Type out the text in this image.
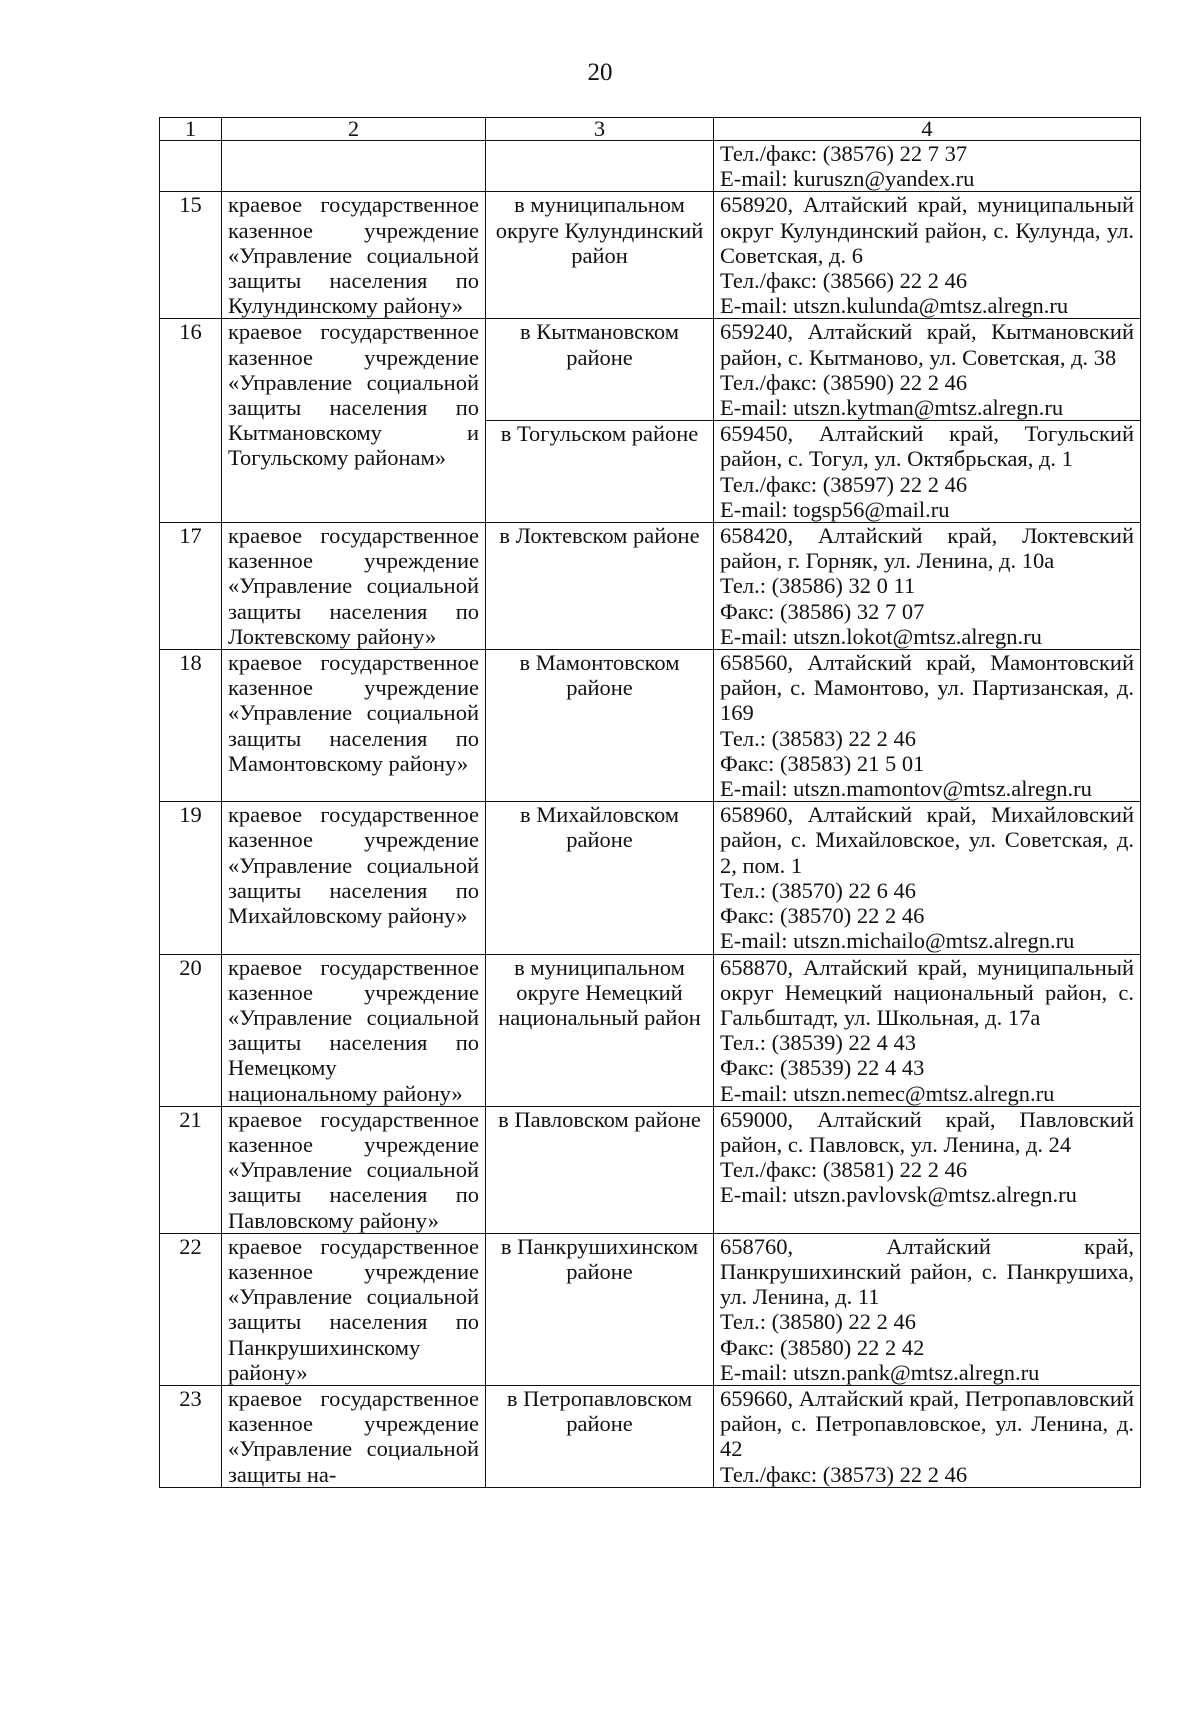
20
1	2	3	4

			Тел./факс: (38576) 22 7 37
E-mail: kuruszn@yandex.ru

15	краевое государственное казенное учреждение «Управление социальной защиты населения по Кулундинскому району»	в муниципальном округе Кулундинский район	658920, Алтайский край, муниципальный округ Кулундинский район, с. Кулунда, ул. Советская, д. 6
Тел./факс: (38566) 22 2 46
E-mail: utszn.kulunda@mtsz.alregn.ru

16	краевое государственное казенное учреждение «Управление социальной защиты населения по Кытмановскому и Тогульскому районам»	в Кытмановском районе	659240, Алтайский край, Кытмановский район, с. Кытманово, ул. Советская, д. 38
Тел./факс: (38590) 22 2 46
E-mail: utszn.kytman@mtsz.alregn.ru

		в Тогульском районе	659450, Алтайский край, Тогульский район, с. Тогул, ул. Октябрьская, д. 1
Тел./факс: (38597) 22 2 46
E-mail: togsp56@mail.ru

17	краевое государственное казенное учреждение «Управление социальной защиты населения по Локтевскому району»	в Локтевском районе	658420, Алтайский край, Локтевский район, г. Горняк, ул. Ленина, д. 10а
Тел.: (38586) 32 0 11
Факс: (38586) 32 7 07
E-mail: utszn.lokot@mtsz.alregn.ru

18	краевое государственное казенное учреждение «Управление социальной защиты населения по Мамонтовскому району»	в Мамонтовском районе	658560, Алтайский край, Мамонтовский район, с. Мамонтово, ул. Партизанская, д. 169
Тел.: (38583) 22 2 46
Факс: (38583) 21 5 01
E-mail: utszn.mamontov@mtsz.alregn.ru

19	краевое государственное казенное учреждение «Управление социальной защиты населения по Михайловскому району»	в Михайловском районе	658960, Алтайский край, Михайловский район, с. Михайловское, ул. Советская, д. 2, пом. 1
Тел.: (38570) 22 6 46
Факс: (38570) 22 2 46
E-mail: utszn.michailo@mtsz.alregn.ru

20	краевое государственное казенное учреждение «Управление социальной защиты населения по Немецкому национальному району»	в муниципальном округе Немецкий национальный район	658870, Алтайский край, муниципальный округ Немецкий национальный район, с. Гальбштадт, ул. Школьная, д. 17а
Тел.: (38539) 22 4 43
Факс: (38539) 22 4 43
E-mail: utszn.nemec@mtsz.alregn.ru

21	краевое государственное казенное учреждение «Управление социальной защиты населения по Павловскому району»	в Павловском районе	659000, Алтайский край, Павловский район, с. Павловск, ул. Ленина, д. 24
Тел./факс: (38581) 22 2 46
E-mail: utszn.pavlovsk@mtsz.alregn.ru

22	краевое государственное казенное учреждение «Управление социальной защиты населения по Панкрушихинскому району»	в Панкрушихинском районе	658760, Алтайский край, Панкрушихинский район, с. Панкрушиха, ул. Ленина, д. 11
Тел.: (38580) 22 2 46
Факс: (38580) 22 2 42
E-mail: utszn.pank@mtsz.alregn.ru

23	краевое государственное казенное учреждение «Управление социальной защиты на-	в Петропавловском районе	659660, Алтайский край, Петропавловский район, с. Петропавловское, ул. Ленина, д. 42
Тел./факс: (38573) 22 2 46
